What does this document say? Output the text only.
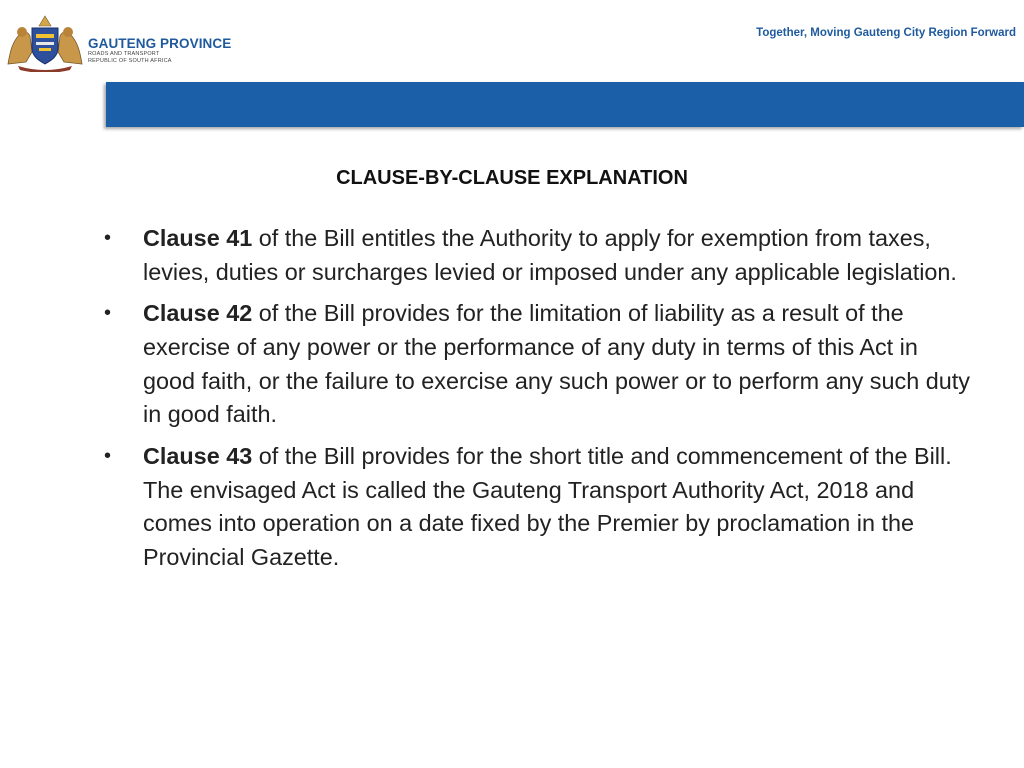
GAUTENG PROVINCE
ROADS AND TRANSPORT
REPUBLIC OF SOUTH AFRICA
Together, Moving Gauteng City Region Forward
CLAUSE-BY-CLAUSE EXPLANATION
• Clause 41 of the Bill entitles the Authority to apply for exemption from taxes, levies, duties or surcharges levied or imposed under any applicable legislation.
• Clause 42 of the Bill provides for the limitation of liability as a result of the exercise of any power or the performance of any duty in terms of this Act in good faith, or the failure to exercise any such power or to perform any such duty in good faith.
• Clause 43 of the Bill provides for the short title and commencement of the Bill. The envisaged Act is called the Gauteng Transport Authority Act, 2018 and comes into operation on a date fixed by the Premier by proclamation in the Provincial Gazette.
